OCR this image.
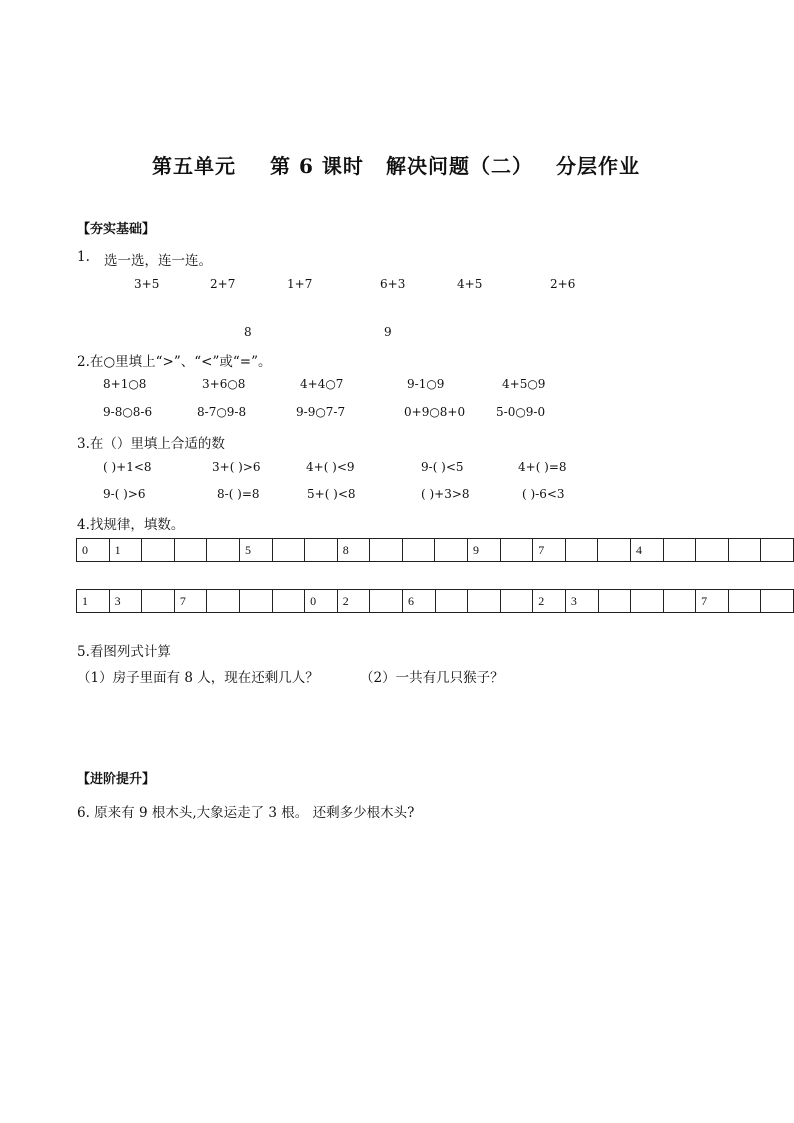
第五单元 第 6 课时 解决问题（二） 分层作业
【夯实基础】
1. 选一选，连一连。
3+5	2+7	1+7	6+3	4+5	2+6
8	9
2.在○里填上“>”、“<”或“=”。
8+1○8	3+6○8	4+4○7	9-1○9	4+5○9
9-8○8-6	8-7○9-8	9-9○7-7	0+9○8+0	5-0○9-0
3.在（）里填上合适的数
( )+1<8	3+( )>6	4+( )<9	9-( )<5	4+( )=8
9-( )>6	8-( )=8	5+( )<8	( )+3>8	( )-6<3
4.找规律，填数。
0	1				5			8				9		7			4				
1	3		7				0	2		6				2	3				7		
5.看图列式计算
（1）房子里面有 8 人，现在还剩几人？	（2）一共有几只猴子？
【进阶提升】
6. 原来有 9 根木头,大象运走了 3 根。 还剩多少根木头?
